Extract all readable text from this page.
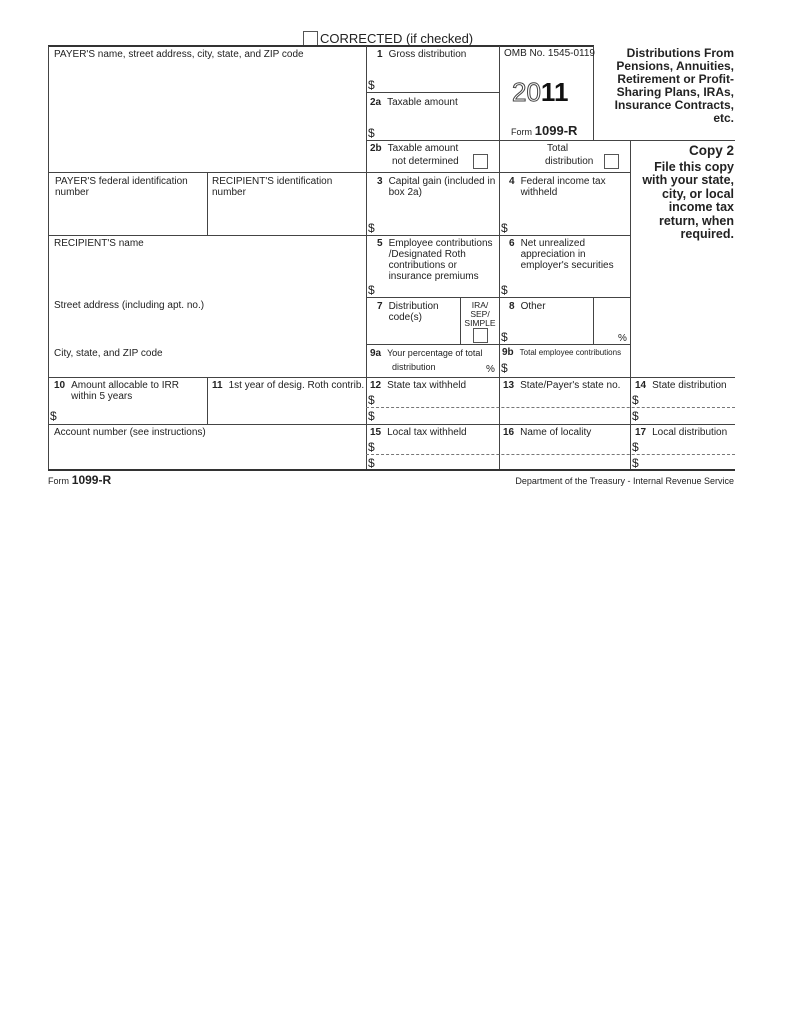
CORRECTED (if checked)
PAYER'S name, street address, city, state, and ZIP code
PAYER'S federal identification number
RECIPIENT'S identification number
RECIPIENT'S name
Street address (including apt. no.)
City, state, and ZIP code
1 Gross distribution
$
2a Taxable amount
$
2b Taxable amount
not determined
OMB No. 1545-0119
2011
Form 1099-R
Distributions From Pensions, Annuities, Retirement or Profit-Sharing Plans, IRAs, Insurance Contracts, etc.
Total
distribution
Copy 2
File this copy with your state, city, or local income tax return, when required.
3 Capital gain (included in box 2a)
$
4 Federal income tax withheld
$
5 Employee contributions /Designated Roth contributions or insurance premiums
$
6 Net unrealized appreciation in employer's securities
$
7 Distribution code(s)
IRA/ SEP/ SIMPLE
8 Other
$	%
9a Your percentage of total
distribution	%
9b Total employee contributions
$
10 Amount allocable to IRR within 5 years
$
11 1st year of desig. Roth contrib. 12 State tax withheld
$
$
13 State/Payer's state no. 14 State distribution
$
$
Account number (see instructions)	15 Local tax withheld
$
$
16 Name of locality	17 Local distribution
$
$
Form 1099-R	Department of the Treasury - Internal Revenue Service
